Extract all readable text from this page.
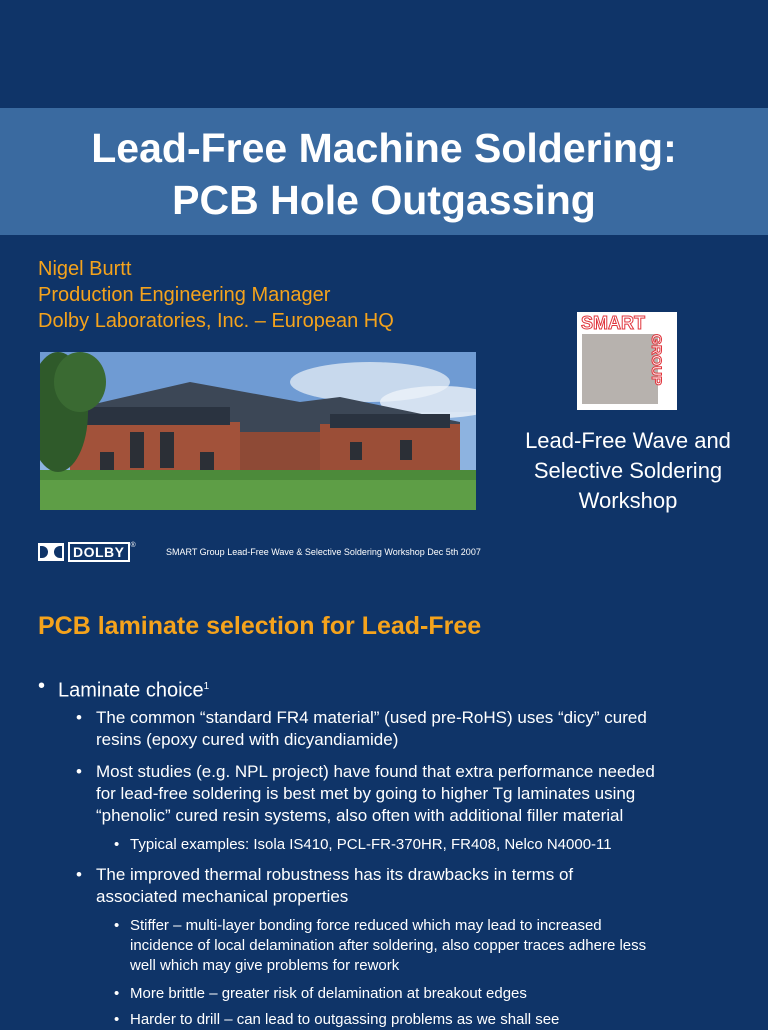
Lead-Free Machine Soldering:
PCB Hole Outgassing
Nigel Burtt
Production Engineering Manager
Dolby Laboratories, Inc. – European HQ	SMART
GROUP
Lead-Free Wave and
Selective Soldering
Workshop
DOLBY ®
SMART Group Lead-Free Wave & Selective Soldering Workshop Dec 5th 2007
PCB laminate selection for Lead-Free
• Laminate choice$^1$
• The common “standard FR4 material” (used pre-RoHS) uses “dicy” cured
resins (epoxy cured with dicyandiamide)
• Most studies (e.g. NPL project) have found that extra performance needed
for lead-free soldering is best met by going to higher Tg laminates using
“phenolic” cured resin systems, also often with additional filler material
• Typical examples: Isola IS410, PCL-FR-370HR, FR408, Nelco N4000-11
• The improved thermal robustness has its drawbacks in terms of
associated mechanical properties
• Stiffer – multi-layer bonding force reduced which may lead to increased
incidence of local delamination after soldering, also copper traces adhere less
well which may give problems for rework
• More brittle – greater risk of delamination at breakout edges
• Harder to drill – can lead to outgassing problems as we shall see
